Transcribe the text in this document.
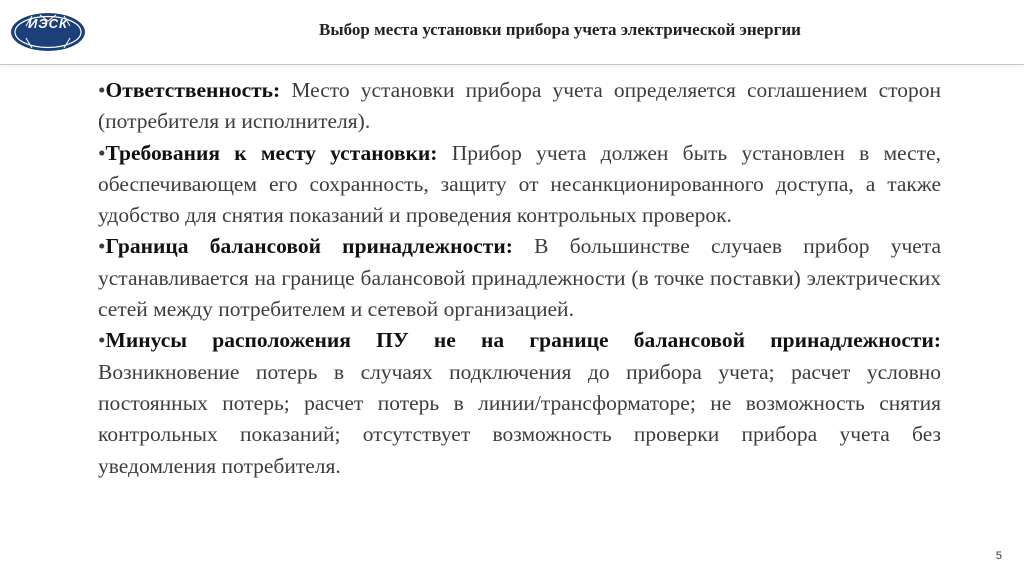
ИЭСК	Выбор места установки прибора учета электрической энергии

•Ответственность: Место установки прибора учета определяется соглашением сторон (потребителя и исполнителя).

•Требования к месту установки: Прибор учета должен быть установлен в месте, обеспечивающем его сохранность, защиту от несанкционированного доступа, а также удобство для снятия показаний и проведения контрольных проверок.

•Граница балансовой принадлежности: В большинстве случаев прибор учета устанавливается на границе балансовой принадлежности (в точке поставки) электрических сетей между потребителем и сетевой организацией.

•Минусы расположения ПУ не на границе балансовой принадлежности: Возникновение потерь в случаях подключения до прибора учета; расчет условно постоянных потерь; расчет потерь в линии/трансформаторе; не возможность снятия контрольных показаний; отсутствует возможность проверки прибора учета без уведомления потребителя.

5
